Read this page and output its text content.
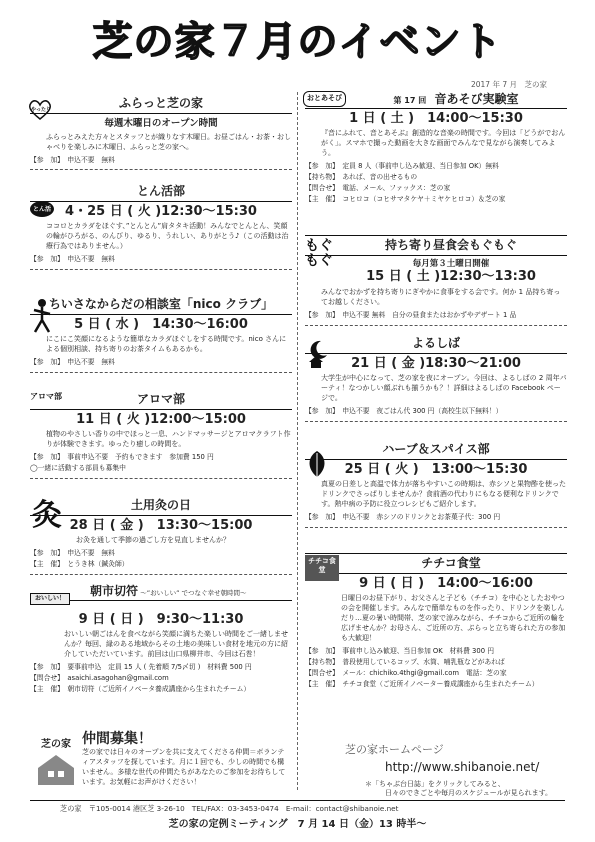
芝の家７月のイベント
2017 年 7 月　芝の家
やったり	ふらっと芝の家
毎週木曜日のオープン時間
ふらっとみえた方々とスタッフとが織りなす木曜日。お昼ごはん・お茶・おしゃべりを楽しみに木曜日、ふらっと芝の家へ。
【参　加】　申込不要　無料
とん活
とん活部
4・25 日 ( 火 )12:30〜15:30
ココロとカラダをほぐす、”とんとん”肩タタキ活動！みんなでとんとん、笑顔の輪がひろがる、のんびり、ゆるり、うれしい、ありがとう♪（この活動は治療行為ではありません。）
【参　加】　申込不要　無料
ちいさなからだの相談室「nico クラブ」
5 日 ( 水 )　14:30〜16:00
にこにこ笑顔になるような簡単なカラダほぐしをする時間です。nico さんによる個別相談、持ち寄りのお茶タイムもあるかも。
【参　加】　申込不要　無料
アロマ部	アロマ部
11 日 ( 火 )12:00〜15:00
植物のやさしい香りの中でほっと一息、ハンドマッサージとアロマクラフト作りが体験できます。ゆったり癒しの時間を。
【参　加】　事前申込不要　予約もできます　参加費 150 円
◯一緒に活動する部員も募集中
灸	土用灸の日
28 日 ( 金 )　13:30〜15:00
お灸を通して季節の過ごし方を見直しませんか？
【参　加】　申込不要　無料
【主　催】　とうき林（鍼灸師）
おいしい！
朝市切符 〜”おいしい” でつなぐ幸せ朝時間〜
9 日 ( 日 )　9:30〜11:30
おいしい朝ごはんを食べながら笑顔に満ちた楽しい時間をご一緒しませんか？毎回、縁のある地域からその土地の美味しい食材を地元の方に紹介していただいています。前回は山口県柳井市、今回は石巻！
【参　加】　要事前申込　定員 15 人 ( 先着順 7/5〆切 )　材料費 500 円
【問合せ】　asaichi.asagohan@gmail.com
【主　催】　朝市切符（ご近所イノベータ養成講座から生まれたチーム）
おとあそび	第 17 回 音あそび実験室
1 日 ( 土 )　14:00〜15:30
『音にふれて、音とあそぶ』創造的な音楽の時間です。今回は「どうがでおんがく」。スマホで撮った動画を大きな画面でみんなで見ながら演奏してみよう。
【参　加】　定員 8 人（事前申し込み歓迎、当日参加 OK）無料
【持ち物】　あれば、音の出せるもの
【問合せ】　電話、メール、ファックス：芝の家
【主　催】　コヒロコ（コヒサマタケヤ＋ミヤケヒロコ）＆芝の家
もぐもぐ
持ち寄り昼食会もぐもぐ
毎月第３土曜日開催
15 日 ( 土 )12:30〜13:30
みんなでおかずを持ち寄りにぎやかに食事をする会です。何か 1 品持ち寄ってお越しください。
【参　加】　申込不要 無料　自分の昼食またはおかずやデザート 1 品
よるしば
21 日 ( 金 )18:30〜21:00
大学生が中心になって、芝の家を夜にオープン。今回は、よるしばの 2 周年パーティ！なつかしい顔ぶれも揃うかも？！詳細はよるしばの Facebook ページで。
【参　加】　申込不要　夜ごはん代 300 円（高校生以下無料！）
ハーブ＆スパイス部
25 日 ( 火 )　13:00〜15:30
真夏の日差しと高温で体力が落ちやすいこの時期は、赤シソと果物酢を使ったドリンクでさっぱりしませんか？食前酒の代わりにもなる便利なドリンクです。熱中病の予防に役立つレシピもご紹介します。
【参　加】　申込不要　赤シソのドリンクとお茶菓子代：300 円
チチコ食堂
チチコ食堂
9 日 ( 日 )　14:00〜16:00
日曜日のお昼下がり、お父さんと子ども（チチコ）を中心としたおやつの会を開催します。みんなで簡単なものを作ったり、ドリンクを楽しんだり…夏の暑い時間帯、芝の家で涼みながら、チチコからご近所の輪を広げませんか？お母さん、ご近所の方、ぶらっと立ち寄られた方の参加も大歓迎！
【参　加】　事前申し込み歓迎、当日参加 OK　材料費 300 円
【持ち物】　普段使用しているコップ、水筒、哺乳瓶などがあれば
【問合せ】　メール：chichiko.4thgi@gmail.com　電話：芝の家
【主　催】　チチコ食堂（ご近所イノベーター養成講座から生まれたチーム）
芝の家 仲間募集！
芝の家では日々のオープンを共に支えてくださる仲間＝ボランティアスタッフを探しています。月に１回でも、少しの時間でも構いません。多様な世代の仲間たちがあなたのご参加をお待ちしています。お気軽にお声がけください！
芝の家ホームページ
http://www.shibanoie.net/
＊「ちゃぶ台日誌」をクリックしてみると、
日々のできごとや毎月のスケジュールが見られます。
芝の家　〒105-0014 港区芝 3-26-10　TEL/FAX：03-3453-0474　E-mail：contact@shibanoie.net
芝の家の定例ミーティング　7 月 14 日（金）13 時半〜
